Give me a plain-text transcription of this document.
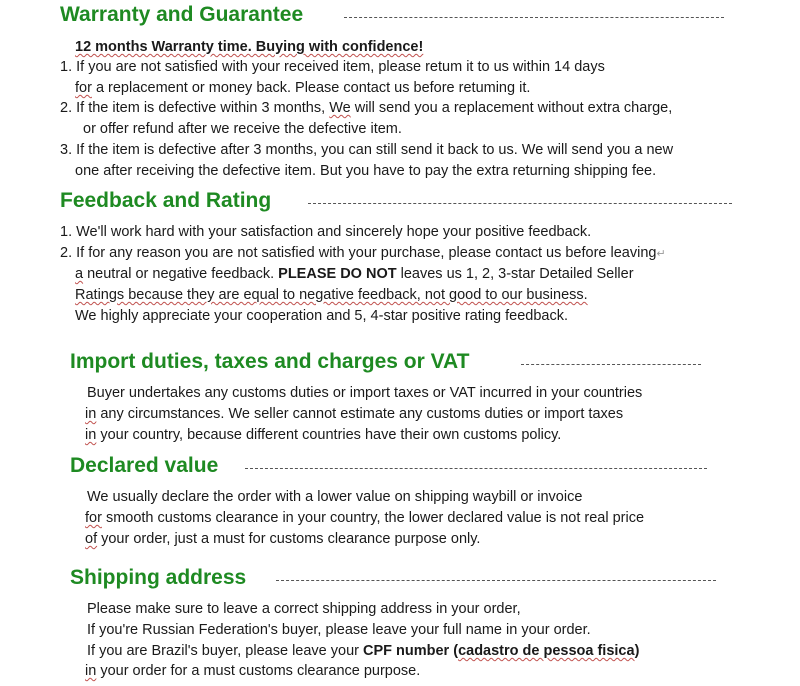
Warranty and Guarantee
12 months Warranty time. Buying with confidence!
1. If you are not satisfied with your received item, please retum it to us within 14 days
for a replacement or money back. Please contact us before retuming it.
2. If the item is defective within 3 months, We will send you a replacement without extra charge,
or offer refund after we receive the defective item.
3. If the item is defective after 3 months, you can still send it back to us. We will send you a new
one after receiving the defective item. But you have to pay the extra returning shipping fee.
Feedback and Rating
1. We'll work hard with your satisfaction and sincerely hope your positive feedback.
2. If for any reason you are not satisfied with your purchase, please contact us before leaving↵
a neutral or negative feedback. PLEASE DO NOT leaves us 1, 2, 3-star Detailed Seller
Ratings because they are equal to negative feedback, not good to our business.
We highly appreciate your cooperation and 5, 4-star positive rating feedback.
Import duties, taxes and charges or VAT
Buyer undertakes any customs duties or import taxes or VAT incurred in your countries
in any circumstances. We seller cannot estimate any customs duties or import taxes
in your country, because different countries have their own customs policy.
Declared value
We usually declare the order with a lower value on shipping waybill or invoice
for smooth customs clearance in your country, the lower declared value is not real price
of your order, just a must for customs clearance purpose only.
Shipping address
Please make sure to leave a correct shipping address in your order,
If you're Russian Federation's buyer, please leave your full name in your order.
If you are Brazil's buyer, please leave your CPF number (cadastro de pessoa fisica)
in your order for a must customs clearance purpose.
